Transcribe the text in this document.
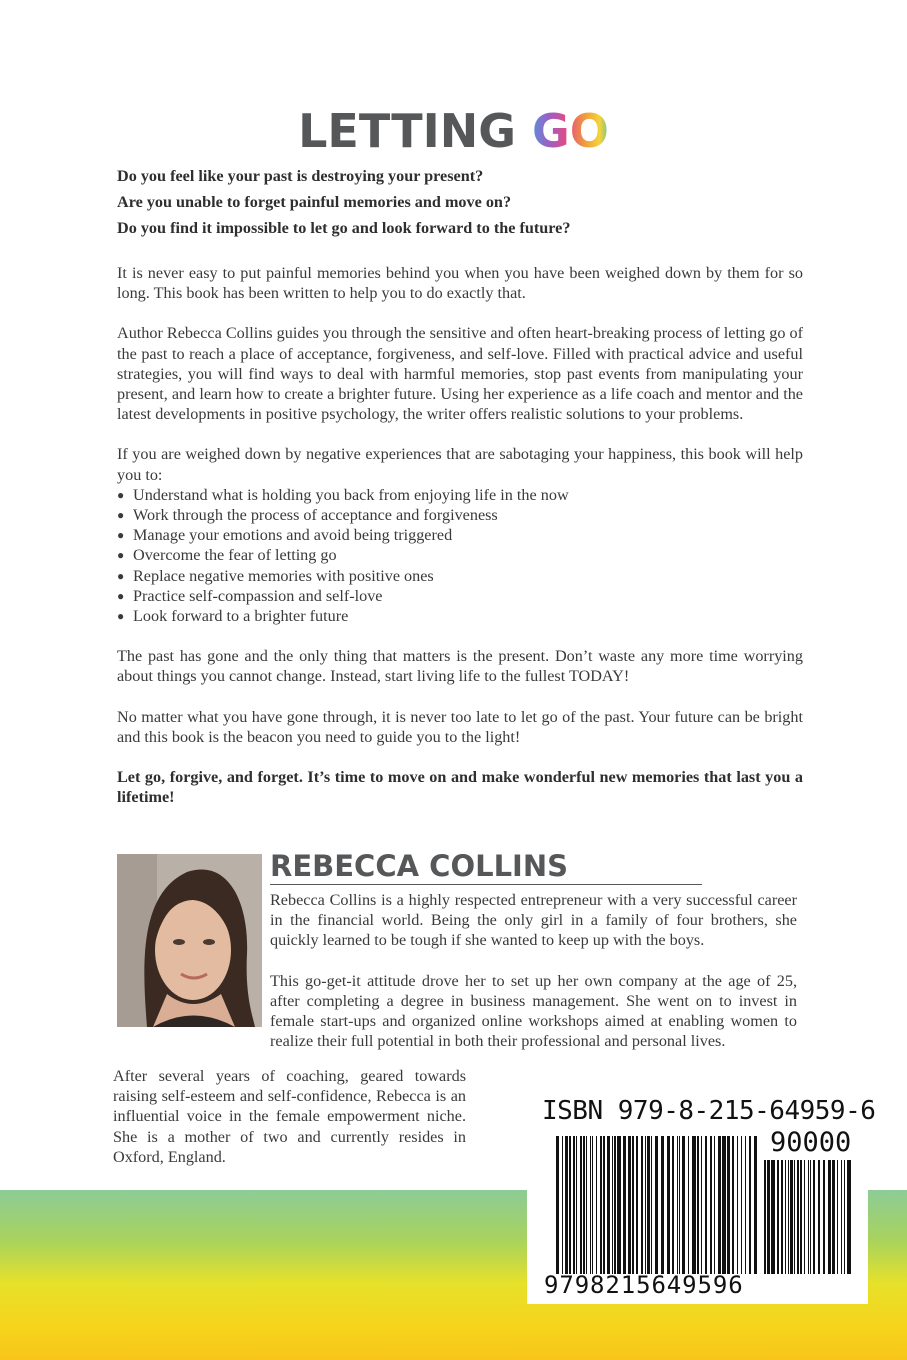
LETTING GO
Do you feel like your past is destroying your present?
Are you unable to forget painful memories and move on?
Do you find it impossible to let go and look forward to the future?

It is never easy to put painful memories behind you when you have been weighed down by them for so long. This book has been written to help you to do exactly that.

Author Rebecca Collins guides you through the sensitive and often heart-breaking process of letting go of the past to reach a place of acceptance, forgiveness, and self-love. Filled with practical advice and useful strategies, you will find ways to deal with harmful memories, stop past events from manipulating your present, and learn how to create a brighter future. Using her experience as a life coach and mentor and the latest developments in positive psychology, the writer offers realistic solutions to your problems.

If you are weighed down by negative experiences that are sabotaging your happiness, this book will help you to:

● Understand what is holding you back from enjoying life in the now
● Work through the process of acceptance and forgiveness
● Manage your emotions and avoid being triggered
● Overcome the fear of letting go
● Replace negative memories with positive ones
● Practice self-compassion and self-love
● Look forward to a brighter future

The past has gone and the only thing that matters is the present. Don’t waste any more time worrying about things you cannot change. Instead, start living life to the fullest TODAY!

No matter what you have gone through, it is never too late to let go of the past. Your future can be bright and this book is the beacon you need to guide you to the light!

Let go, forgive, and forget. It’s time to move on and make wonderful new memories that last you a lifetime!

REBECCA COLLINS

Rebecca Collins is a highly respected entrepreneur with a very successful career in the financial world. Being the only girl in a family of four brothers, she quickly learned to be tough if she wanted to keep up with the boys.

This go-get-it attitude drove her to set up her own company at the age of 25, after completing a degree in business management. She went on to invest in female start-ups and organized online workshops aimed at enabling women to realize their full potential in both their professional and personal lives.

After several years of coaching, geared towards raising self-esteem and self-confidence, Rebecca is an influential voice in the female empowerment niche. She is a mother of two and currently resides in Oxford, England.
ISBN 979-8-215-64959-6
90000
9798215649596
